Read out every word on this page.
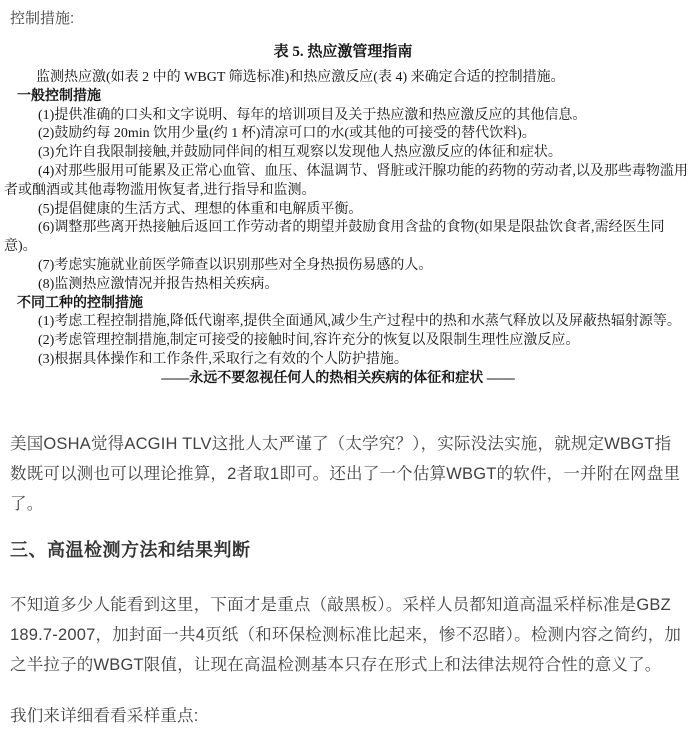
控制措施:
表 5. 热应激管理指南
监测热应激(如表 2 中的 WBGT 筛选标准)和热应激反应(表 4) 来确定合适的控制措施。
一般控制措施
(1)提供准确的口头和文字说明、每年的培训项目及关于热应激和热应激反应的其他信息。
(2)鼓励约每 20min 饮用少量(约 1 杯)清凉可口的水(或其他的可接受的替代饮料)。
(3)允许自我限制接触,并鼓励同伴间的相互观察以发现他人热应激反应的体征和症状。
(4)对那些服用可能累及正常心血管、血压、体温调节、肾脏或汗腺功能的药物的劳动者,以及那些毒物滥用者或酗酒或其他毒物滥用恢复者,进行指导和监测。
(5)提倡健康的生活方式、理想的体重和电解质平衡。
(6)调整那些离开热接触后返回工作劳动者的期望并鼓励食用含盐的食物(如果是限盐饮食者,需经医生同意)。
(7)考虑实施就业前医学筛查以识别那些对全身热损伤易感的人。
(8)监测热应激情况并报告热相关疾病。
不同工种的控制措施
(1)考虑工程控制措施,降低代谢率,提供全面通风,减少生产过程中的热和水蒸气释放以及屏蔽热辐射源等。
(2)考虑管理控制措施,制定可接受的接触时间,容许充分的恢复以及限制生理性应激反应。
(3)根据具体操作和工作条件,采取行之有效的个人防护措施。
——永远不要忽视任何人的热相关疾病的体征和症状 ——
美国OSHA觉得ACGIH TLV这批人太严谨了（太学究？），实际没法实施，就规定WBGT指数既可以测也可以理论推算，2者取1即可。还出了一个估算WBGT的软件，一并附在网盘里了。
三、高温检测方法和结果判断
不知道多少人能看到这里，下面才是重点（敲黑板）。采样人员都知道高温采样标准是GBZ 189.7-2007，加封面一共4页纸（和环保检测标准比起来，惨不忍睹）。检测内容之简约，加之半拉子的WBGT限值，让现在高温检测基本只存在形式上和法律法规符合性的意义了。
我们来详细看看采样重点:
